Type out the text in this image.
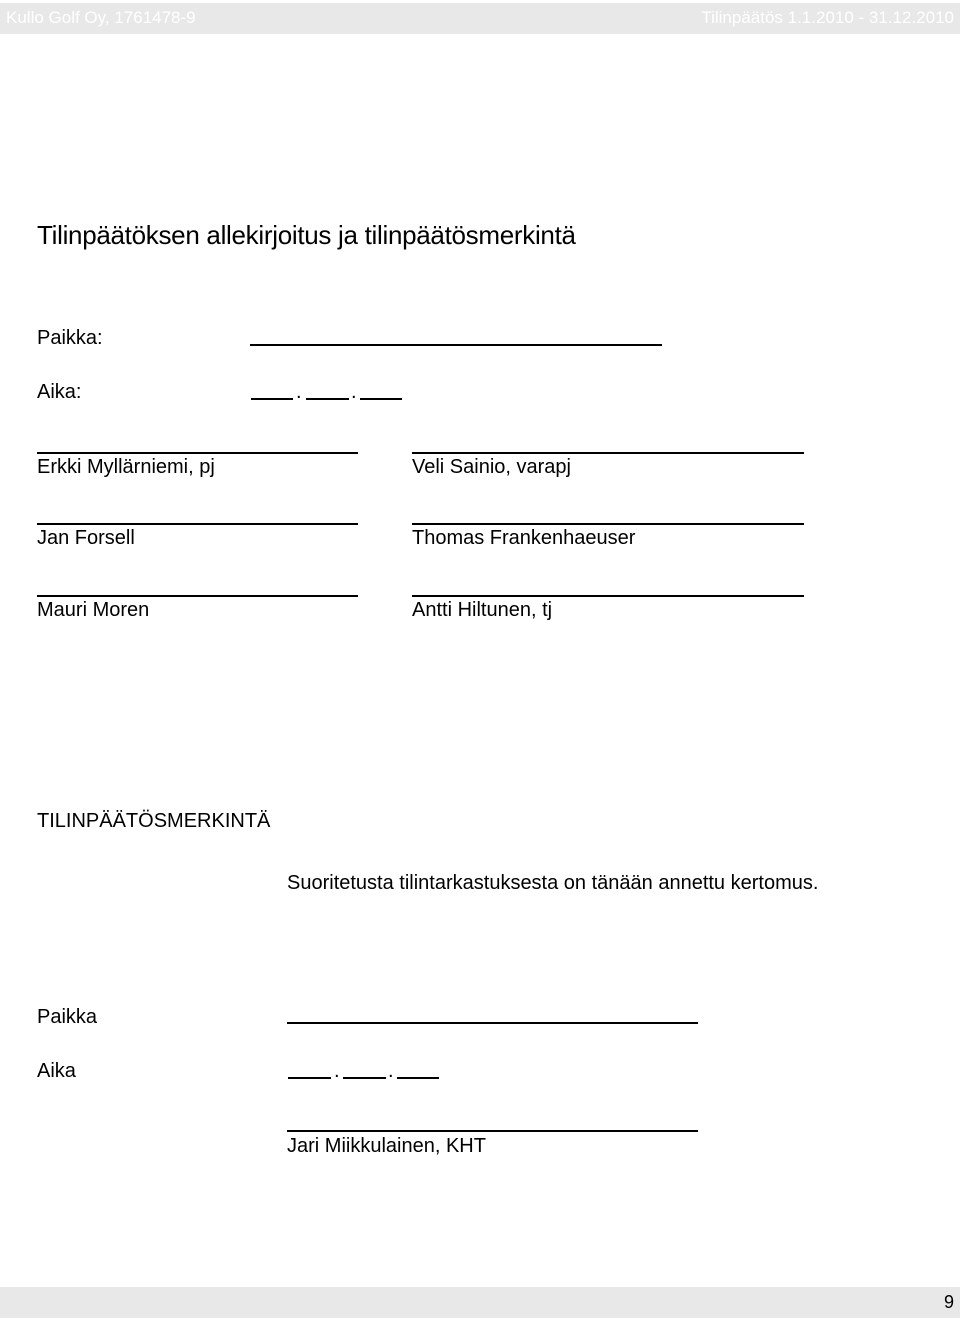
Kullo Golf Oy, 1761478-9	Tilinpäätös 1.1.2010 - 31.12.2010
Tilinpäätöksen allekirjoitus ja tilinpäätösmerkintä
Paikka:
Aika:	. .
Erkki Myllärniemi, pj	Veli Sainio, varapj
Jan Forsell	Thomas Frankenhaeuser
Mauri Moren	Antti Hiltunen, tj
TILINPÄÄTÖSMERKINTÄ
Suoritetusta tilintarkastuksesta on tänään annettu kertomus.
Paikka
Aika	. .
Jari Miikkulainen, KHT
9
